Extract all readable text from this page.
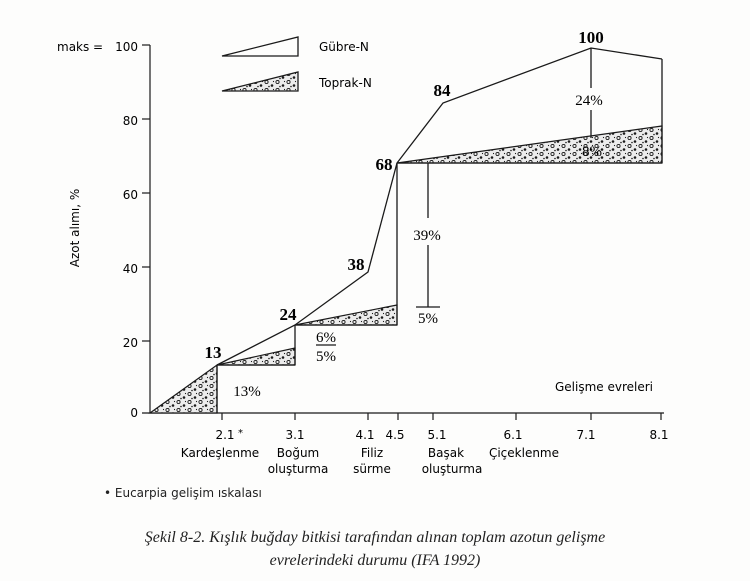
maks = 100
80
60
40
20
0
Azot alımı, %
Gelişme evreleri
13
24
38
68
84
100
13%
6%
5%
39%
5%
24%
8%
2.1 *	3.1	4.1 4.5 5.1	6.1	7.1	8.1
Kardeşlenme Boğum
oluşturma
Filiz
sürme
Başak
oluşturma
Çiçeklenme
Gübre-N
Toprak-N
• Eucarpia gelişim ıskalası
Şekil 8-2. Kışlık buğday bitkisi tarafından alınan toplam azotun gelişme
evrelerindeki durumu (IFA 1992)
